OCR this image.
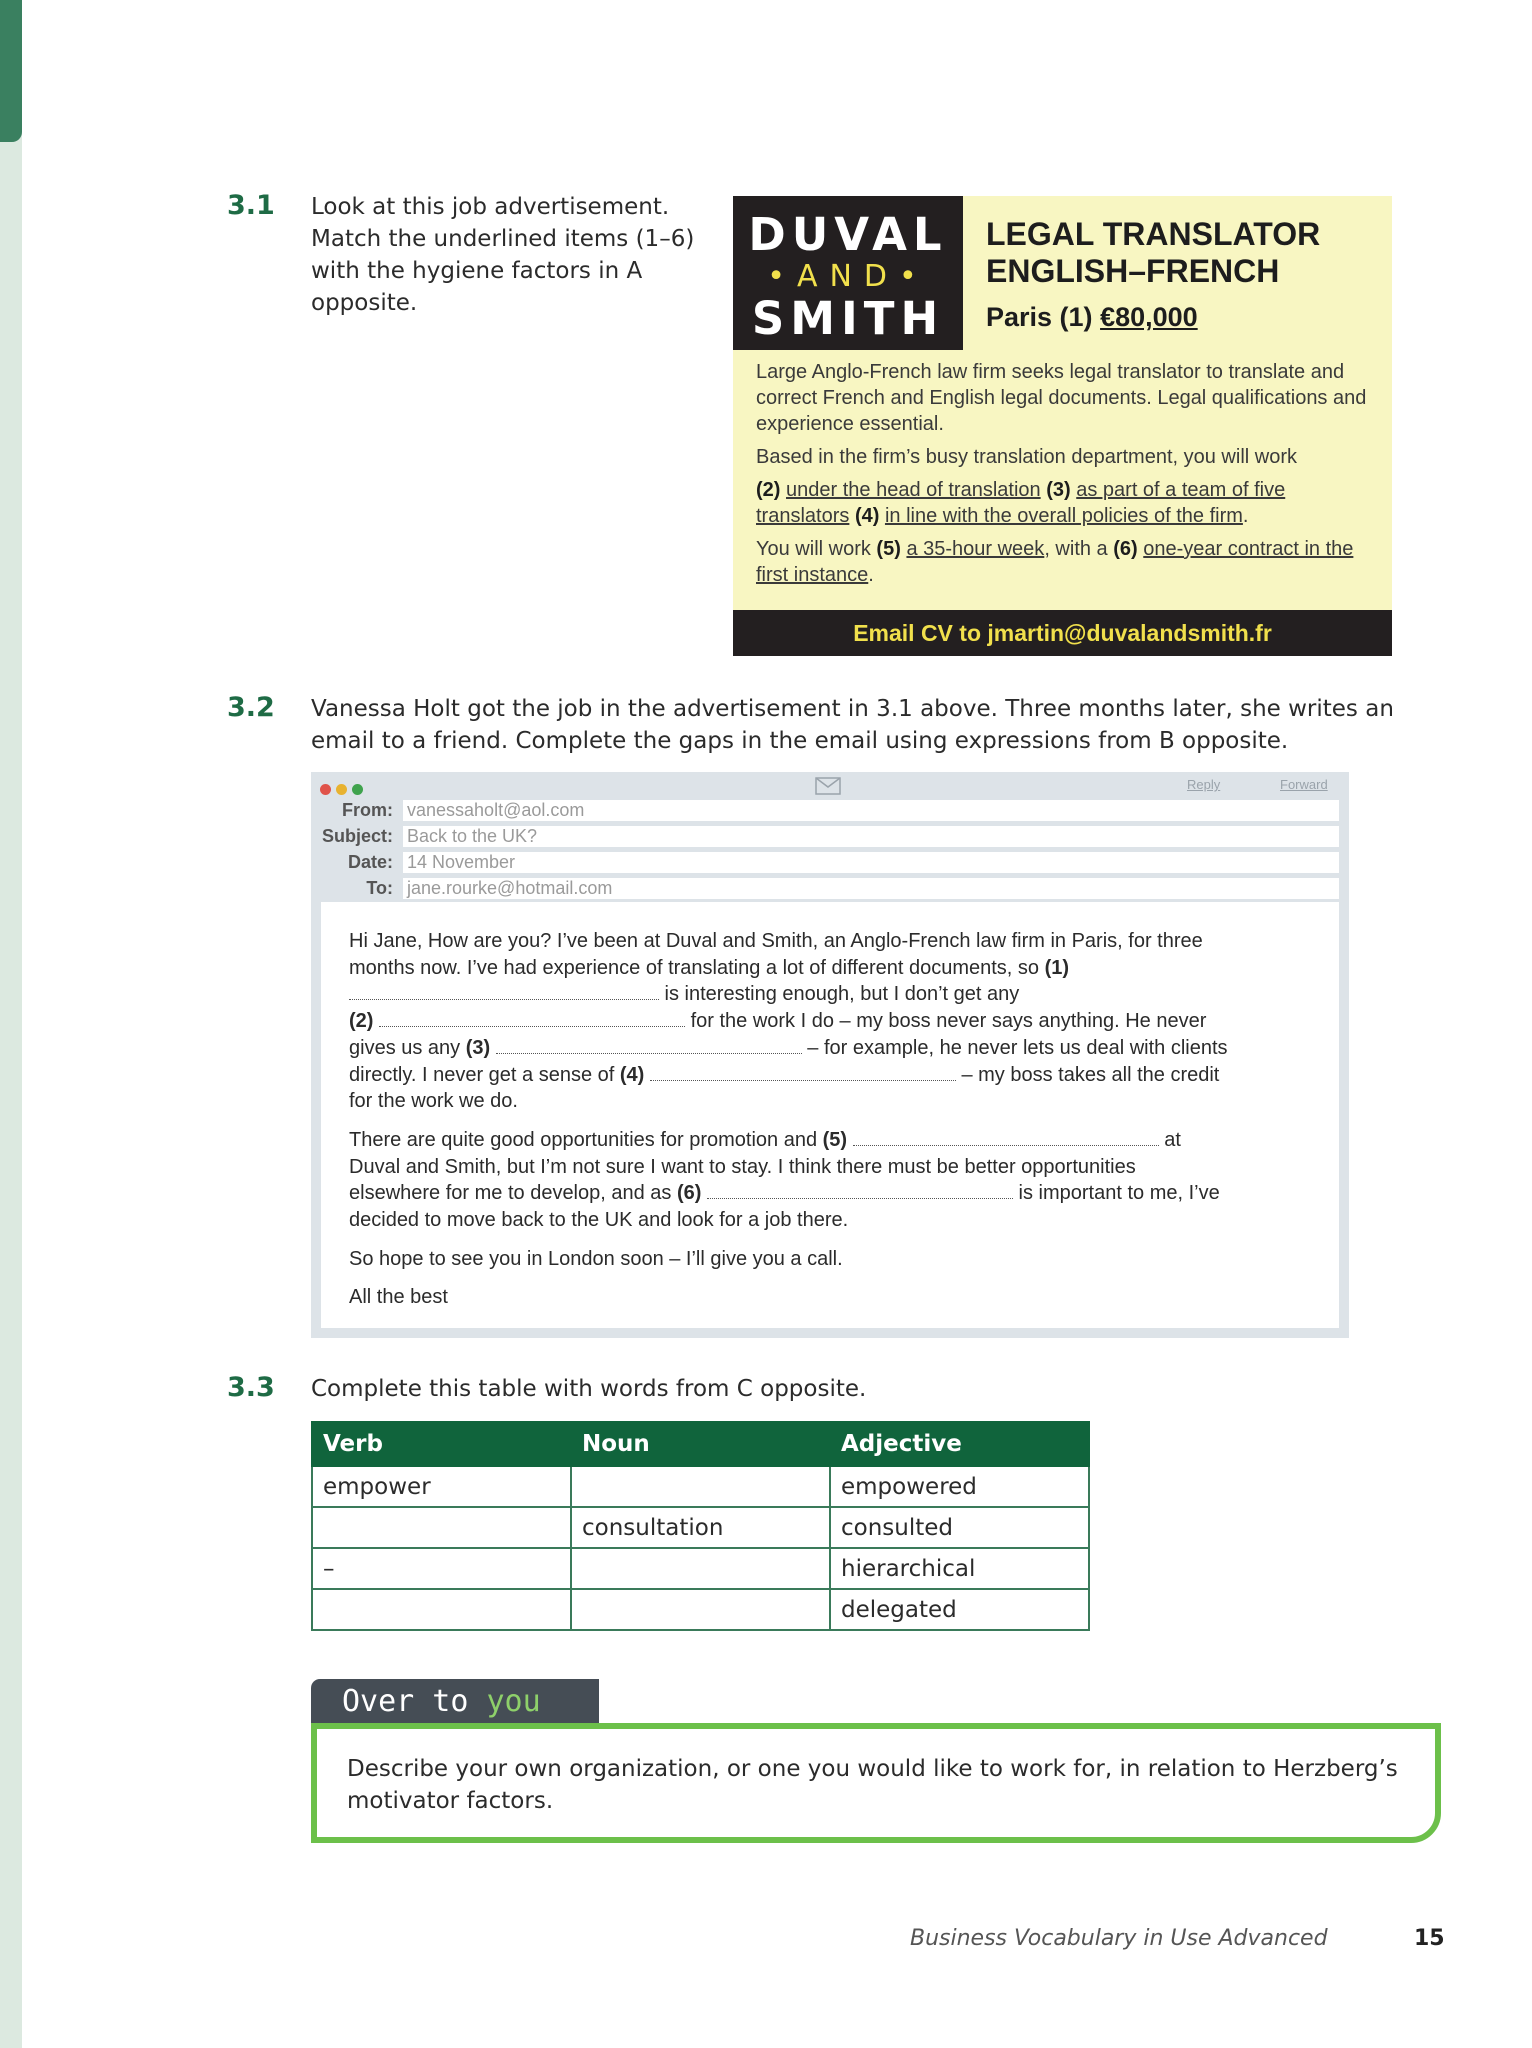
3.1 Look at this job advertisement. Match the underlined items (1–6) with the hygiene factors in A opposite.
DUVAL
•AND•
SMITH
LEGAL TRANSLATOR
ENGLISH–FRENCH
Paris (1) €80,000

Large Anglo-French law firm seeks legal translator to translate and correct French and English legal documents. Legal qualifications and experience essential.

Based in the firm’s busy translation department, you will work

(2) under the head of translation (3) as part of a team of five translators (4) in line with the overall policies of the firm.

You will work (5) a 35-hour week, with a (6) one-year contract in the first instance.

Email CV to jmartin@duvalandsmith.fr
3.2 Vanessa Holt got the job in the advertisement in 3.1 above. Three months later, she writes an email to a friend. Complete the gaps in the email using expressions from B opposite.
Reply	Forward
From: vanessaholt@aol.com
Subject: Back to the UK?
Date: 14 November
To: jane.rourke@hotmail.com

Hi Jane, How are you? I’ve been at Duval and Smith, an Anglo-French law firm in Paris, for three months now. I’ve had experience of translating a lot of different documents, so (1)  is interesting enough, but I don’t get any
(2)	for the work I do – my boss never says anything. He never gives us any (3)	– for example, he never lets us deal with clients directly. I never get a sense of (4)	– my boss takes all the credit for the work we do.

There are quite good opportunities for promotion and (5)	at Duval and Smith, but I’m not sure I want to stay. I think there must be better opportunities elsewhere for me to develop, and as (6)	is important to me, I’ve decided to move back to the UK and look for a job there.

So hope to see you in London soon – I’ll give you a call.

All the best

3.3 Complete this table with words from C opposite.
Verb	Noun	Adjective
empower		empowered
	consultation	consulted
–		hierarchical
		delegated
Over to you
Describe your own organization, or one you would like to work for, in relation to Herzberg’s motivator factors.
Business Vocabulary in Use Advanced	15
